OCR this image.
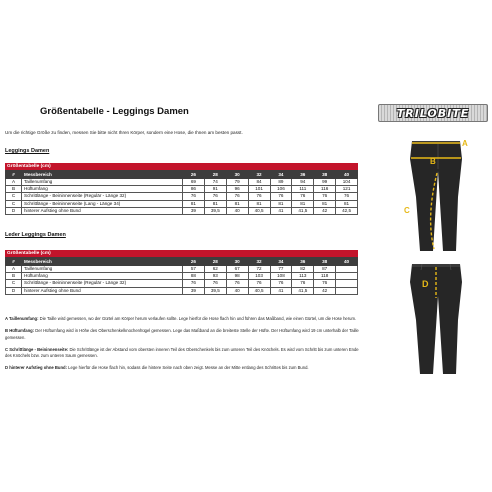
Größentabelle - Leggings Damen	TRILOBITE
Um die richtige Größe zu finden, messen Sie bitte nicht Ihren Körper, sondern eine Hose, die Ihnen am besten passt.
Leggings Damen
Größentabelle (cm)
#	Messbereich	26	28	30	32	34	36	38	40
A	Taillenumfang	69	74	79	84	89	94	99	104
B	Hüftumfang	86	91	96	101	106	111	116	121
C	Schrittlänge - Beininnenseite (Regulär - Länge 32)	76	76	76	76	76	76	76	76
C	Schrittlänge - Beininnenseite (Lang - Länge 34)	81	81	81	81	81	81	81	81
D	hinterer Aufstieg ohne Bund	39	39,5	40	40,5	41	41,5	42	42,5
Leder Leggings Damen
Größentabelle (cm)
#	Messbereich	26	28	30	32	34	36	38	40
A	Taillenumfang	57	62	67	72	77	82	87	
B	Hüftumfang	88	93	98	103	108	113	118	
C	Schrittlänge - Beininnenseite (Regulär - Länge 32)	76	76	76	76	76	76	76	
D	hinterer Aufstieg ohne Bund	39	39,5	40	40,5	41	41,5	42	

A Taillenumfang: Die Taille wird gemessen, wo der Gürtel am Körper herum verlaufen sollte. Lege hierfür die Hose flach hin und führen das Maßband, wie einen Gürtel, um die Hose herum.

B Hüftumfang: Der Hüftumfang wird in Höhe des Oberschenkelknochenhügel gemessen. Lege das Maßband an die breiteste Stelle der Hüfte. Der Hüftumfang wird 19 cm unterhalb der Taille gemessen.

C Schrittlänge - Beininnenseite: Die Schrittlänge ist der Abstand vom obersten inneren Teil des Oberschenkels bis zum unteren Teil des Knöchels. Es wird vom Schritt bis zum unteren Ende des Knöchels bzw. zum unteren Saum gemessen.

D hinterer Aufstieg ohne Bund: Lege hierfür die Hose flach hin, sodass die hintere Seite nach oben zeigt. Messe an der Mitte entlang des Schrittes bis zum Bund.

A
B
C
D
